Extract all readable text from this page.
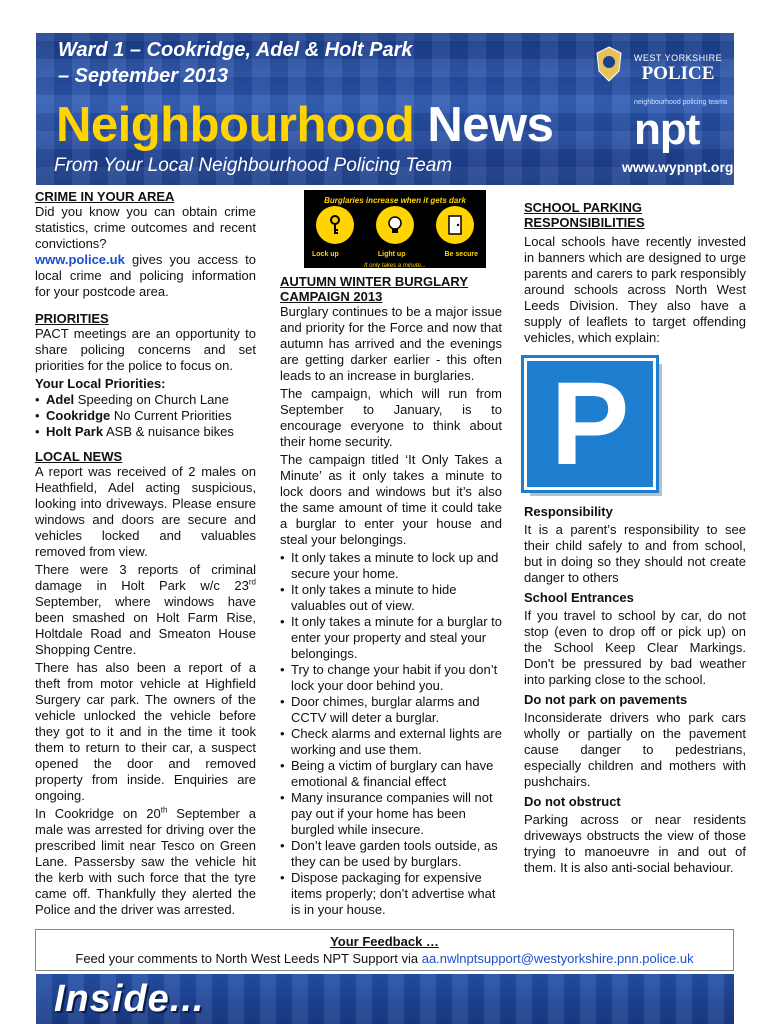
Ward 1 – Cookridge, Adel & Holt Park
– September 2013
Neighbourhood News
From Your Local Neighbourhood Policing Team
WEST YORKSHIRE
POLICE
neighbourhood policing teams
npt
www.wypnpt.org
CRIME IN YOUR AREA

Did you know you can obtain crime statistics, crime outcomes and recent convictions?
www.police.uk gives you access to local crime and policing information for your postcode area.

PRIORITIES

PACT meetings are an opportunity to share policing concerns and set priorities for the police to focus on.

Your Local Priorities:
• Adel Speeding on Church Lane
• Cookridge No Current Priorities
• Holt Park ASB & nuisance bikes
LOCAL NEWS

A report was received of 2 males on Heathfield, Adel acting suspicious, looking into driveways. Please ensure windows and doors are secure and vehicles locked and valuables removed from view.

There were 3 reports of criminal damage in Holt Park w/c 23rd September, where windows have been smashed on Holt Farm Rise, Holtdale Road and Smeaton House Shopping Centre.

There has also been a report of a theft from motor vehicle at Highfield Surgery car park. The owners of the vehicle unlocked the vehicle before they got to it and in the time it took them to return to their car, a suspect opened the door and removed property from inside. Enquiries are ongoing.

In Cookridge on 20th September a male was arrested for driving over the prescribed limit near Tesco on Green Lane. Passersby saw the vehicle hit the kerb with such force that the tyre came off. Thankfully they alerted the Police and the driver was arrested.

Burglaries increase when it gets dark
Lock up	Light up	Be secure
It only takes a minute...
AUTUMN WINTER BURGLARY CAMPAIGN 2013

Burglary continues to be a major issue and priority for the Force and now that autumn has arrived and the evenings are getting darker earlier - this often leads to an increase in burglaries.

The campaign, which will run from September to January, is to encourage everyone to think about their home security.

The campaign titled ‘It Only Takes a Minute’ as it only takes a minute to lock doors and windows but it’s also the same amount of time it could take a burglar to enter your house and steal your belongings.

• It only takes a minute to lock up and secure your home.
• It only takes a minute to hide valuables out of view.
• It only takes a minute for a burglar to enter your property and steal your belongings.
• Try to change your habit if you don’t lock your door behind you.
• Door chimes, burglar alarms and CCTV will deter a burglar.
• Check alarms and external lights are working and use them.
• Being a victim of burglary can have emotional & financial effect
• Many insurance companies will not pay out if your home has been burgled while insecure.
• Don’t leave garden tools outside, as they can be used by burglars.
• Dispose packaging for expensive items properly; don’t advertise what is in your house.
SCHOOL PARKING RESPONSIBILITIES

Local schools have recently invested in banners which are designed to urge parents and carers to park responsibly around schools across North West Leeds Division. They also have a supply of leaflets to target offending vehicles, which explain:

P
Responsibility

It is a parent’s responsibility to see their child safely to and from school, but in doing so they should not create danger to others

School Entrances

If you travel to school by car, do not stop (even to drop off or pick up) on the School Keep Clear Markings. Don't be pressured by bad weather into parking close to the school.

Do not park on pavements

Inconsiderate drivers who park cars wholly or partially on the pavement cause danger to pedestrians, especially children and mothers with pushchairs.

Do not obstruct

Parking across or near residents driveways obstructs the view of those trying to manoeuvre in and out of them. It is also anti-social behaviour.

Your Feedback …
Feed your comments to North West Leeds NPT Support via aa.nwlnptsupport@westyorkshire.pnn.police.uk
Inside...
